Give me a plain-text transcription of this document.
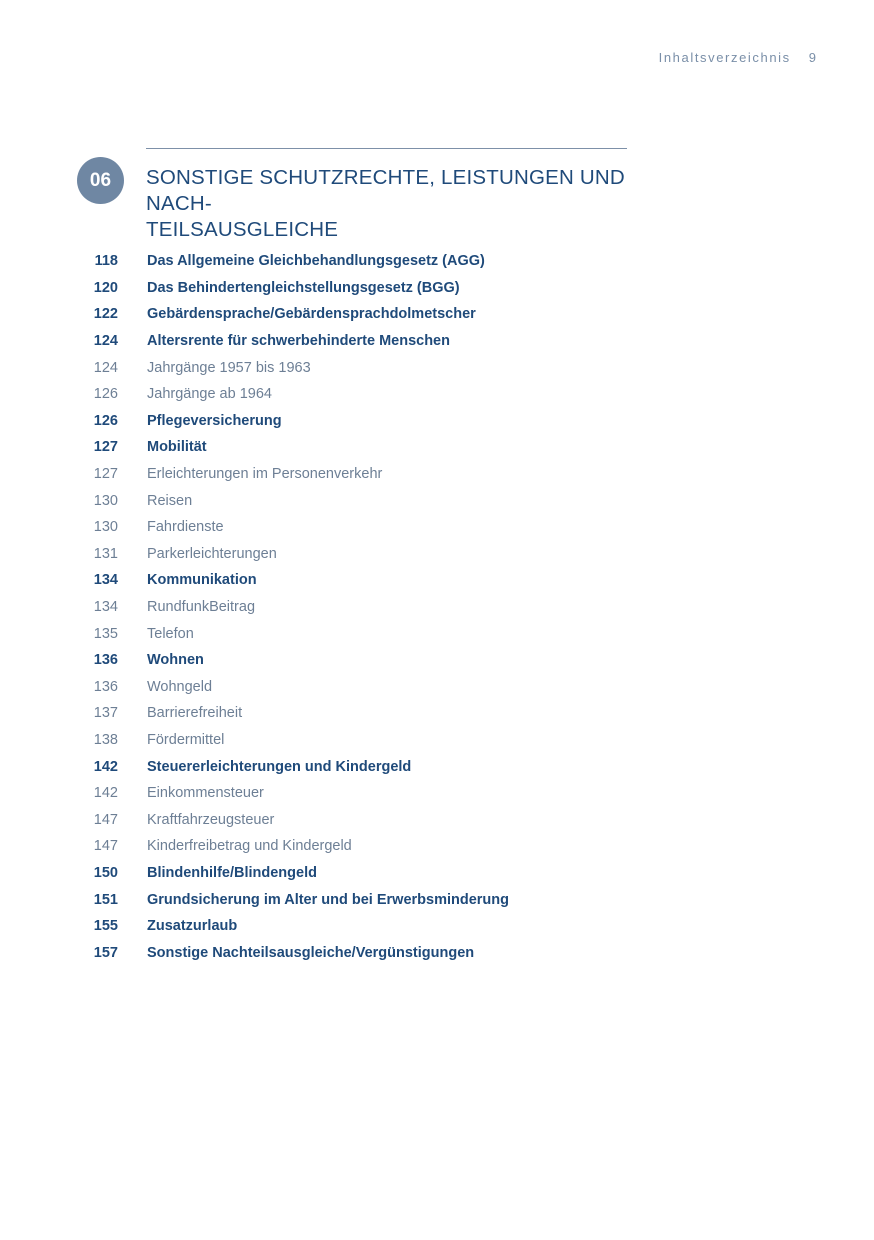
Inhaltsverzeichnis 9
06	SONSTIGE SCHUTZRECHTE, LEISTUNGEN UND NACH-
TEILSAUSGLEICHE
118 Das Allgemeine Gleichbehandlungsgesetz (AGG)
120 Das Behindertengleichstellungsgesetz (BGG)
122 Gebärdensprache/Gebärdensprachdolmetscher
124 Altersrente für schwerbehinderte Menschen
124 Jahrgänge 1957 bis 1963
126 Jahrgänge ab 1964
126 Pflegeversicherung
127 Mobilität
127 Erleichterungen im Personenverkehr
130 Reisen
130 Fahrdienste
131 Parkerleichterungen
134 Kommunikation
134 RundfunkBeitrag
135 Telefon
136 Wohnen
136 Wohngeld
137 Barrierefreiheit
138 Fördermittel
142 Steuererleichterungen und Kindergeld
142 Einkommensteuer
147 Kraftfahrzeugsteuer
147 Kinderfreibetrag und Kindergeld
150 Blindenhilfe/Blindengeld
151 Grundsicherung im Alter und bei Erwerbsminderung
155 Zusatzurlaub
157 Sonstige Nachteilsausgleiche/Vergünstigungen
